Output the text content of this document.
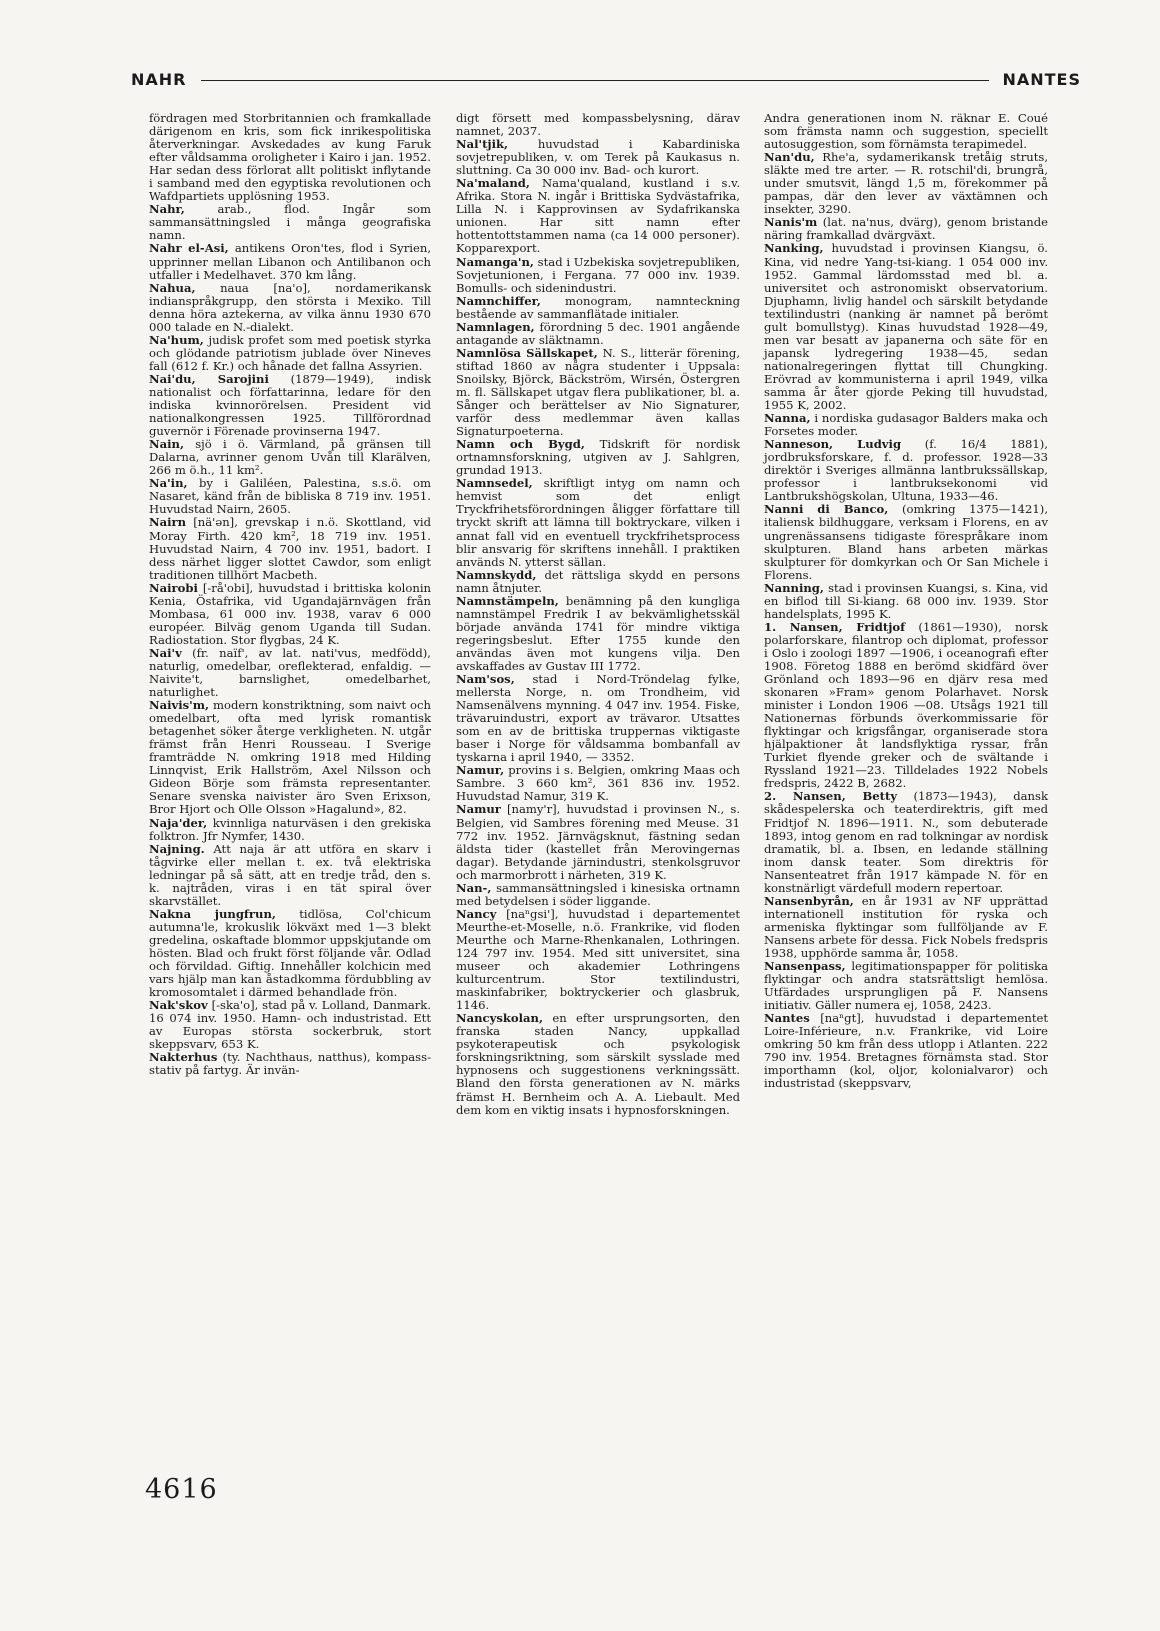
NAHR	NANTES

fördragen med Storbritannien och framkallade därigenom en kris, som fick inrikespolitiska återverkningar. Avskedades av kung Faruk efter våldsamma oroligheter i Kairo i jan. 1952. Har sedan dess förlorat allt politiskt inflytande i samband med den egyptiska revolutionen och Wafdpartiets upplösning 1953.

Nahr,	arab., flod. Ingår som sammansättningsled i många geografiska namn.

Nahr el-Asi, antikens Oron'tes, flod i Syrien, upprinner mellan Libanon och Antilibanon och utfaller i Medelhavet. 370 km lång.

Nahua, naua [na'o], nordamerikansk indianspråkgrupp, den största i Mexiko. Till denna höra aztekerna, av vilka ännu 1930 670 000 talade en N.-dialekt.

Na'hum, judisk profet som med poetisk styrka och glödande patriotism jublade över Nineves fall (612 f. Kr.) och hånade det fallna Assyrien.

Nai'du, Sarojini (1879—1949), indisk nationalist och författarinna, ledare för den indiska kvinnorörelsen. President vid nationalkongressen 1925. Tillförordnad guvernör i Förenade provinserna 1947.

Nain, sjö i ö. Värmland, på gränsen till Dalarna, avrinner genom Uvån till Klarälven, 266 m ö.h., 11 km².

Na'in, by i Galiléen, Palestina, s.s.ö. om Nasaret, känd från de bibliska 8 719 inv. 1951. Huvudstad Nairn, 2605.

Nairn [nä'ən], grevskap i n.ö. Skottland, vid Moray Firth. 420 km², 18 719 inv. 1951. Huvudstad Nairn, 4 700 inv. 1951, badort. I dess närhet ligger slottet Cawdor, som enligt traditionen tillhört Macbeth.

Nairobi [-rå'obi], huvudstad i brittiska kolonin Kenia, Östafrika, vid Ugandajärnvägen från Mombasa, 61 000 inv. 1938, varav 6 000 européer. Bilväg genom Uganda till Sudan. Radiostation. Stor flygbas, 24 K.

Nai'v (fr. naïf', av lat. nati'vus, medfödd), naturlig, omedelbar, oreflekterad, enfaldig. — Naivite't, barnslighet, omedelbarhet, naturlighet.

Naivis'm, modern konstriktning, som naivt och omedelbart, ofta med lyrisk romantisk betagenhet söker återge verkligheten. N. utgår främst från Henri Rousseau. I Sverige framträdde N. omkring 1918 med Hilding Linnqvist, Erik Hallström, Axel Nilsson och Gideon Börje som främsta representanter. Senare svenska naivister äro Sven Erixson, Bror Hjort och Olle Olsson »Hagalund», 82.

Naja'der, kvinnliga naturväsen i den grekiska folktron. Jfr Nymfer, 1430.

Najning. Att naja är att utföra en skarv i tågvirke eller mellan t. ex. två elektriska ledningar på så sätt, att en tredje tråd, den s. k. najtråden, viras i en tät spiral över skarvstället.

Nakna jungfrun, tidlösa, Col'chicum autumna'le, krokuslik lökväxt med 1—3 blekt gredelina, oskaftade blommor uppskjutande om hösten. Blad och frukt först följande vår. Odlad och förvildad. Giftig. Innehåller kolchicin med vars hjälp man kan åstadkomma fördubbling av kromosomtalet i därmed behandlade frön.

Nak'skov [-ska'o], stad på v. Lolland, Danmark. 16 074 inv. 1950. Hamn- och industristad. Ett av Europas största sockerbruk, stort skeppsvarv, 653 K.

Nakterhus (ty. Nachthaus, natthus), kompass-stativ på fartyg. Är invän-

digt försett med kompassbelysning, därav namnet, 2037.

Nal'tjik,	huvudstad i Kabardiniska sovjetrepubliken, v. om Terek på Kaukasus n. sluttning. Ca 30 000 inv. Bad- och kurort.

Na'maland, Nama'qualand, kustland i s.v. Afrika. Stora N. ingår i Brittiska Sydvästafrika, Lilla N. i Kapprovinsen av Sydafrikanska unionen. Har sitt namn efter hottentottstammen nama (ca 14 000 personer). Kopparexport.

Namanga'n, stad i Uzbekiska sovjetrepubliken, Sovjetunionen, i Fergana. 77 000 inv. 1939. Bomulls- och sidenindustri.

Namnchiffer, monogram, namnteckning bestående av sammanflätade initialer.

Namnlagen, förordning 5 dec. 1901 angående antagande av släktnamn.

Namnlösa Sällskapet, N. S., litterär förening, stiftad 1860 av några studenter i Uppsala: Snoilsky, Björck, Bäckström, Wirsén, Östergren m. fl. Sällskapet utgav flera publikationer, bl. a. Sånger och berättelser av Nio Signaturer, varför dess medlemmar även kallas Signaturpoeterna.

Namn och Bygd, Tidskrift för nordisk ortnamnsforskning, utgiven av J. Sahlgren, grundad 1913.

Namnsedel, skriftligt intyg om namn och hemvist som det enligt Tryckfrihetsförordningen åligger författare till tryckt skrift att lämna till boktryckare, vilken i annat fall vid en eventuell tryckfrihetsprocess blir ansvarig för skriftens innehåll. I praktiken används N. ytterst sällan.

Namnskydd, det rättsliga skydd en persons namn åtnjuter.

Namnstämpeln, benämning på den kungliga namnstämpel Fredrik I av bekvämlighetsskäl började använda 1741 för mindre viktiga regeringsbeslut. Efter 1755 kunde den användas även mot kungens vilja. Den avskaffades av Gustav III 1772.

Nam'sos, stad i Nord-Tröndelag fylke, mellersta Norge, n. om Trondheim, vid Namsenälvens mynning. 4 047 inv. 1954. Fiske, trävaruindustri, export av trävaror. Utsattes som en av de brittiska truppernas viktigaste baser i Norge för våldsamma bombanfall av tyskarna i april 1940, — 3352.

Namur, provins i s. Belgien, omkring Maas och Sambre. 3 660 km², 361 836 inv. 1952. Huvudstad Namur, 319 K.

Namur [namy'r], huvudstad i provinsen N., s. Belgien, vid Sambres förening med Meuse. 31 772 inv. 1952. Järnvägsknut, fästning sedan äldsta tider (kastellet från Merovingernas dagar). Betydande järnindustri, stenkolsgruvor och marmorbrott i närheten, 319 K.

Nan-, sammansättningsled i kinesiska ortnamn med betydelsen i söder liggande.

Nancy [naⁿgsi'], huvudstad i departementet Meurthe-et-Moselle, n.ö. Frankrike, vid floden Meurthe och Marne-Rhenkanalen, Lothringen. 124 797 inv. 1954. Med sitt universitet, sina museer och akademier Lothringens kulturcentrum. Stor textilindustri, maskinfabriker, boktryckerier och glasbruk, 1146.

Nancyskolan, en efter ursprungsorten, den franska staden Nancy, uppkallad psykoterapeutisk och psykologisk forskningsriktning, som särskilt sysslade med hypnosens och suggestionens verkningssätt. Bland den första generationen av N. märks främst H. Bernheim och A. A. Liebault. Med dem kom en viktig insats i hypnosforskningen.

Andra generationen inom N. räknar E. Coué som främsta namn och suggestion, speciellt autosuggestion, som förnämsta terapimedel.

Nan'du, Rhe'a, sydamerikansk tretåig struts, släkte med tre arter. — R. rotschil'di, brungrå, under smutsvit, längd 1,5 m, förekommer på pampas, där den lever av växtämnen och insekter, 3290.

Nanis'm (lat. na'nus, dvärg), genom bristande näring framkallad dvärgväxt.

Nanking, huvudstad i provinsen Kiangsu, ö. Kina, vid nedre Yang-tsi-kiang. 1 054 000 inv. 1952. Gammal lärdomsstad med bl. a. universitet och astronomiskt observatorium. Djuphamn, livlig handel och särskilt betydande textilindustri (nanking är namnet på berömt gult bomullstyg). Kinas huvudstad 1928—49, men var besatt av japanerna och säte för en japansk lydregering 1938—45, sedan nationalregeringen flyttat till Chungking. Erövrad av kommunisterna i april 1949, vilka samma år åter gjorde Peking till huvudstad, 1955 K, 2002.

Nanna, i nordiska gudasagor Balders maka och Forsetes moder.

Nanneson, Ludvig (f. 16/4 1881), jordbruksforskare, f. d. professor. 1928—33 direktör i Sveriges allmänna lantbrukssällskap, professor i lantbruksekonomi vid Lantbrukshögskolan, Ultuna, 1933—46.

Nanni di Banco, (omkring 1375—1421), italiensk bildhuggare, verksam i Florens, en av ungrenässansens tidigaste förespråkare inom skulpturen. Bland hans arbeten märkas skulpturer för domkyrkan och Or San Michele i Florens.

Nanning, stad i provinsen Kuangsi, s. Kina, vid en biflod till Si-kiang. 68 000 inv. 1939. Stor handelsplats, 1995 K.

1. Nansen, Fridtjof (1861—1930), norsk polarforskare, filantrop och diplomat, professor i Oslo i zoologi 1897 —1906, i oceanografi efter 1908. Företog 1888 en berömd skidfärd över Grönland och 1893—96 en djärv resa med skonaren »Fram» genom Polarhavet. Norsk minister i London 1906 —08. Utsågs 1921 till Nationernas förbunds överkommissarie för flyktingar och krigsfångar, organiserade stora hjälpaktioner åt landsflyktiga ryssar, från Turkiet flyende greker och de svältande i Ryssland 1921—23. Tilldelades 1922 Nobels fredspris, 2422 B, 2682.

2. Nansen, Betty (1873—1943), dansk skådespelerska och teaterdirektris, gift med Fridtjof N. 1896—1911. N., som debuterade 1893, intog genom en rad tolkningar av nordisk dramatik, bl. a. Ibsen, en ledande ställning inom dansk teater. Som direktris för Nansenteatret från 1917 kämpade N. för en konstnärligt värdefull modern repertoar.

Nansenbyrån, en år 1931 av NF upprättad internationell institution för ryska och armeniska flyktingar som fullföljande av F. Nansens arbete för dessa. Fick Nobels fredspris 1938, upphörde samma år, 1058.

Nansenpass, legitimationspapper för politiska flyktingar och andra statsrättsligt hemlösa. Utfärdades ursprungligen på F. Nansens initiativ. Gäller numera ej, 1058, 2423.

Nantes [naⁿgt], huvudstad i departementet Loire-Inférieure, n.v. Frankrike, vid Loire omkring 50 km från dess utlopp i Atlanten. 222 790 inv. 1954. Bretagnes förnämsta stad. Stor importhamn (kol, oljor, kolonialvaror) och industristad (skeppsvarv,

4616
